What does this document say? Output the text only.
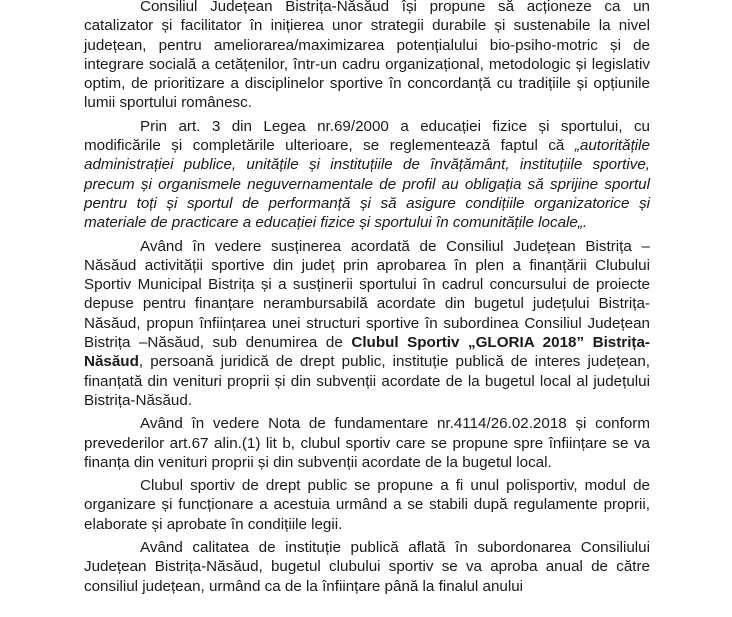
Consiliul Județean Bistrița-Năsăud își propune să acționeze ca un catalizator și facilitator în inițierea unor strategii durabile și sustenabile la nivel județean, pentru ameliorarea/maximizarea potențialului bio-psiho-motric și de integrare socială a cetățenilor, într-un cadru organizațional, metodologic și legislativ optim, de prioritizare a disciplinelor sportive în concordanță cu tradițiile și opțiunile lumii sportului românesc.

Prin art. 3 din Legea nr.69/2000 a educației fizice și sportului, cu modificările și completările ulterioare, se reglementează faptul că „autoritățile administrației publice, unitățile și instituțiile de învățământ, instituțiile sportive, precum și organismele neguvernamentale de profil au obligația să sprijine sportul pentru toți și sportul de performanță și să asigure condițiile organizatorice și materiale de practicare a educației fizice și sportului în comunitățile locale„.

Având în vedere susținerea acordată de Consiliul Județean Bistrița – Năsăud activității sportive din județ prin aprobarea în plen a finanțării Clubului Sportiv Municipal Bistrița și a susținerii sportului în cadrul concursului de proiecte depuse pentru finanțare nerambursabilă acordate din bugetul județului Bistrița-Năsăud, propun înființarea unei structuri sportive în subordinea Consiliul Județean Bistrița –Năsăud, sub denumirea de Clubul Sportiv „GLORIA 2018” Bistrița-Năsăud, persoană juridică de drept public, instituție publică de interes județean, finanțată din venituri proprii și din subvenții acordate de la bugetul local al județului Bistrița-Năsăud.

Având în vedere Nota de fundamentare nr.4114/26.02.2018 și conform prevederilor art.67 alin.(1) lit b, clubul sportiv care se propune spre înființare se va finanța din venituri proprii și din subvenții acordate de la bugetul local.

Clubul sportiv de drept public se propune a fi unul polisportiv, modul de organizare și funcționare a acestuia urmând a se stabili după regulamente proprii, elaborate și aprobate în condițiile legii.

Având calitatea de instituție publică aflată în subordonarea Consiliului Județean Bistrița-Năsăud, bugetul clubului sportiv se va aproba anual de către consiliul județean, urmând ca de la înființare până la finalul anului
